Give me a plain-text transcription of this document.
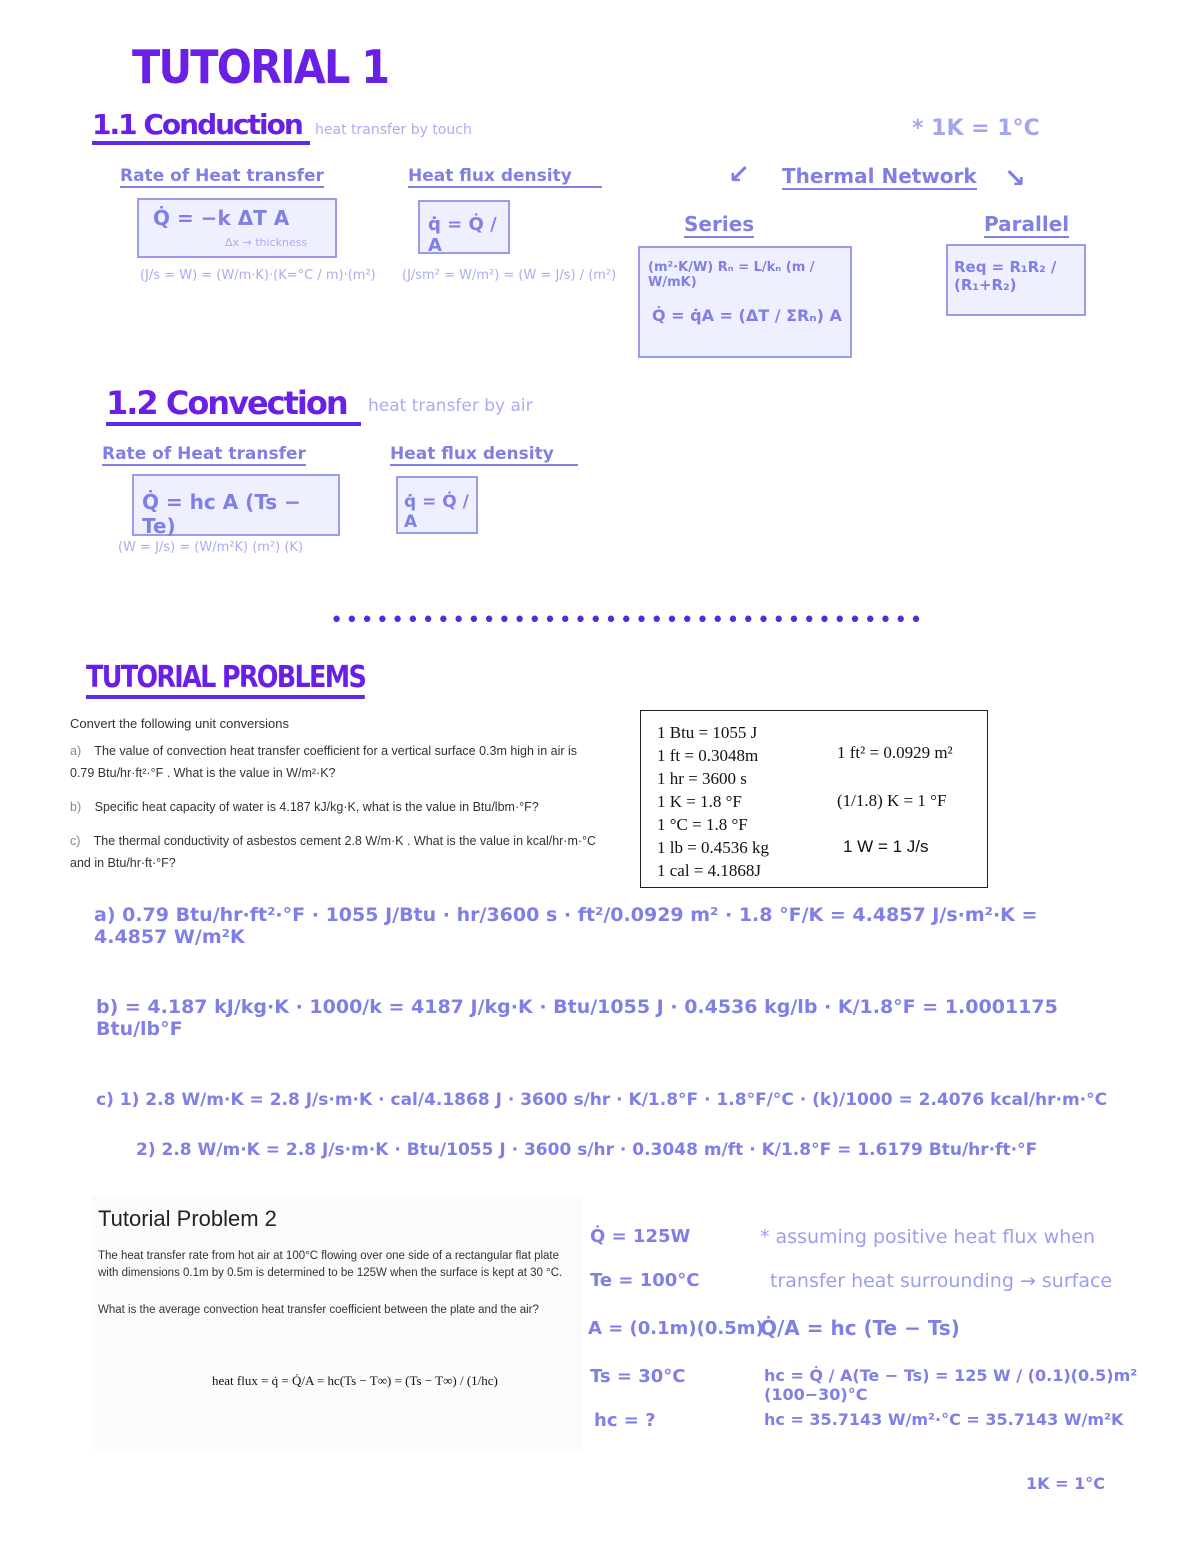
TUTORIAL 1
1.1 Conduction heat transfer by touch	* 1K = 1°C
Rate of Heat transfer
Q̇ = −k ΔT A
Δx → thickness
(J/s = W) = (W/m·K)·(K=°C / m)·(m²)
Heat flux density
q̇ = Q̇ / A
(J/sm² = W/m²) = (W = J/s) / (m²)
Thermal Network
↙	↘
Series
(m²·K/W) Rₙ = L/kₙ (m / W/mK)
Q̇ = q̇A = (ΔT / ΣRₙ) A
Parallel
Req = R₁R₂ / (R₁+R₂)
1.2 Convection	heat transfer by air
Rate of Heat transfer
Q̇ = hc A (Ts − Te)
(W = J/s) = (W/m²K) (m²) (K)
Heat flux density
q̇ = Q̇ / A
•••••••••••••••••••••••••••••••••••••••
TUTORIAL PROBLEMS
Convert the following unit conversions
a) The value of convection heat transfer coefficient for a vertical surface 0.3m high in air is 0.79 Btu/hr·ft²·°F . What is the value in W/m²·K?
b) Specific heat capacity of water is 4.187 kJ/kg·K, what is the value in Btu/lbm·°F?
c) The thermal conductivity of asbestos cement 2.8 W/m·K . What is the value in kcal/hr·m·°C and in Btu/hr·ft·°F?
1 Btu = 1055 J
1 ft = 0.3048m
1 hr = 3600 s
1 K = 1.8 °F
1 °C = 1.8 °F
1 lb = 0.4536 kg
1 cal = 4.1868J
1 ft² = 0.0929 m²
(1/1.8) K = 1 °F
1 W = 1 J/s
a) 0.79 Btu/hr·ft²·°F · 1055 J/Btu · hr/3600 s · ft²/0.0929 m² · 1.8 °F/K = 4.4857 J/s·m²·K = 4.4857 W/m²K
b) = 4.187 kJ/kg·K · 1000/k = 4187 J/kg·K · Btu/1055 J · 0.4536 kg/lb · K/1.8°F = 1.0001175 Btu/lb°F
c) 1) 2.8 W/m·K = 2.8 J/s·m·K · cal/4.1868 J · 3600 s/hr · K/1.8°F · 1.8°F/°C · (k)/1000 = 2.4076 kcal/hr·m·°C
2) 2.8 W/m·K = 2.8 J/s·m·K · Btu/1055 J · 3600 s/hr · 0.3048 m/ft · K/1.8°F = 1.6179 Btu/hr·ft·°F
Tutorial Problem 2
The heat transfer rate from hot air at 100°C flowing over one side of a rectangular flat plate with dimensions 0.1m by 0.5m is determined to be 125W when the surface is kept at 30 °C.
What is the average convection heat transfer coefficient between the plate and the air?
heat flux = q̇ = Q̇/A = hc(Ts − T∞) = (Ts − T∞) / (1/hc)
Q̇ = 125W
Te = 100°C
A = (0.1m)(0.5m)
Ts = 30°C
hc = ?
* assuming positive heat flux when
transfer heat surrounding → surface
Q̇/A = hc (Te − Ts)
hc = Q̇ / A(Te − Ts) = 125 W / (0.1)(0.5)m² (100−30)°C
hc = 35.7143 W/m²·°C = 35.7143 W/m²K
1K = 1°C
